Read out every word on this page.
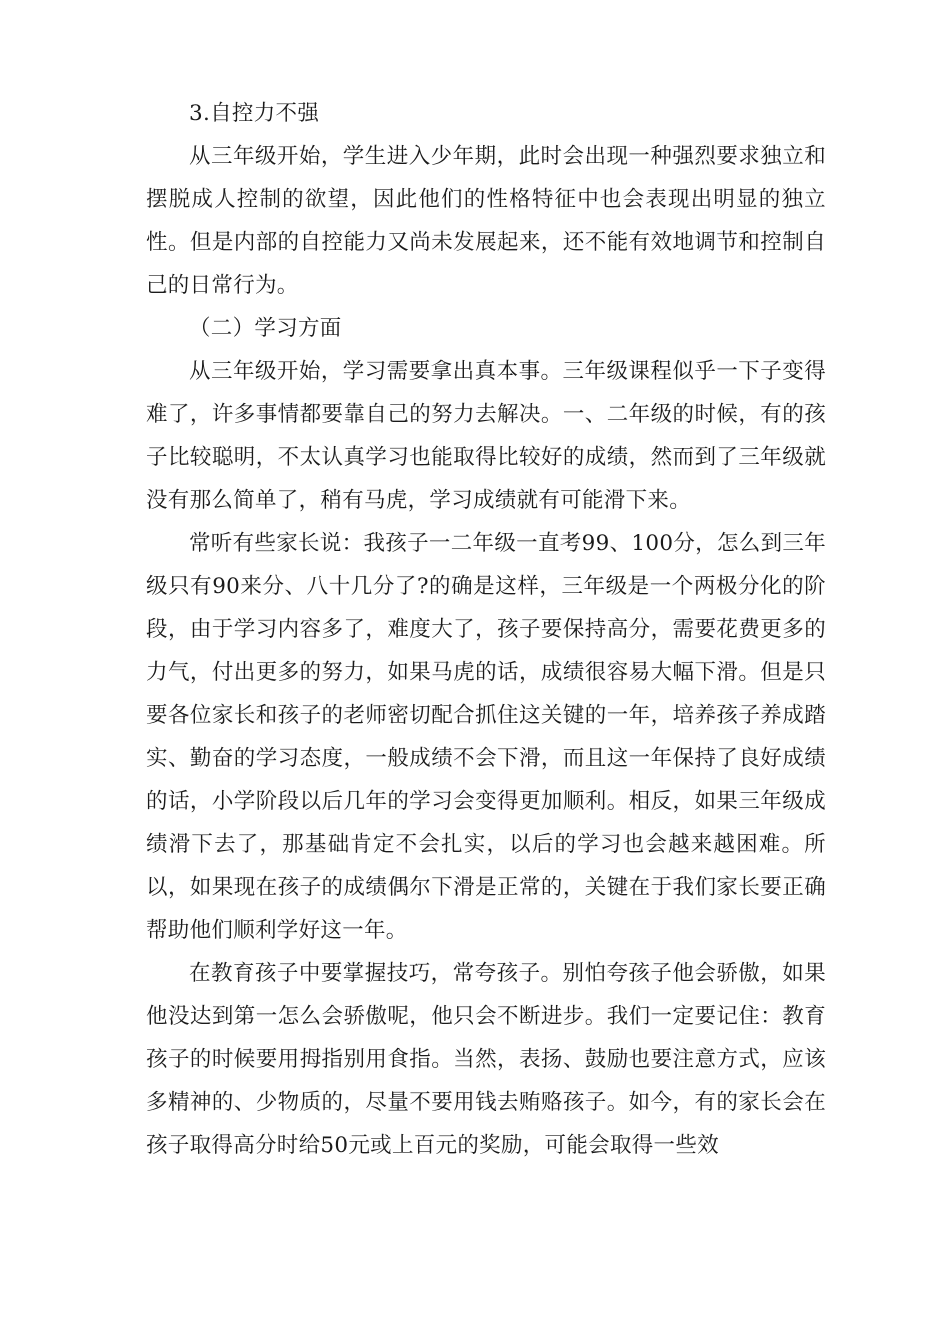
3.自控力不强

从三年级开始，学生进入少年期，此时会出现一种强烈要求独立和摆脱成人控制的欲望，因此他们的性格特征中也会表现出明显的独立性。但是内部的自控能力又尚未发展起来，还不能有效地调节和控制自己的日常行为。

（二）学习方面

从三年级开始，学习需要拿出真本事。三年级课程似乎一下子变得难了，许多事情都要靠自己的努力去解决。一、二年级的时候，有的孩子比较聪明，不太认真学习也能取得比较好的成绩，然而到了三年级就没有那么简单了，稍有马虎，学习成绩就有可能滑下来。

常听有些家长说：我孩子一二年级一直考99、100分，怎么到三年级只有90来分、八十几分了?的确是这样，三年级是一个两极分化的阶段，由于学习内容多了，难度大了，孩子要保持高分，需要花费更多的力气，付出更多的努力，如果马虎的话，成绩很容易大幅下滑。但是只要各位家长和孩子的老师密切配合抓住这关键的一年，培养孩子养成踏实、勤奋的学习态度，一般成绩不会下滑，而且这一年保持了良好成绩的话，小学阶段以后几年的学习会变得更加顺利。相反，如果三年级成绩滑下去了，那基础肯定不会扎实，以后的学习也会越来越困难。所以，如果现在孩子的成绩偶尔下滑是正常的，关键在于我们家长要正确帮助他们顺利学好这一年。

在教育孩子中要掌握技巧，常夸孩子。别怕夸孩子他会骄傲，如果他没达到第一怎么会骄傲呢，他只会不断进步。我们一定要记住：教育孩子的时候要用拇指别用食指。当然，表扬、鼓励也要注意方式，应该多精神的、少物质的，尽量不要用钱去贿赂孩子。如今，有的家长会在孩子取得高分时给50元或上百元的奖励，可能会取得一些效
